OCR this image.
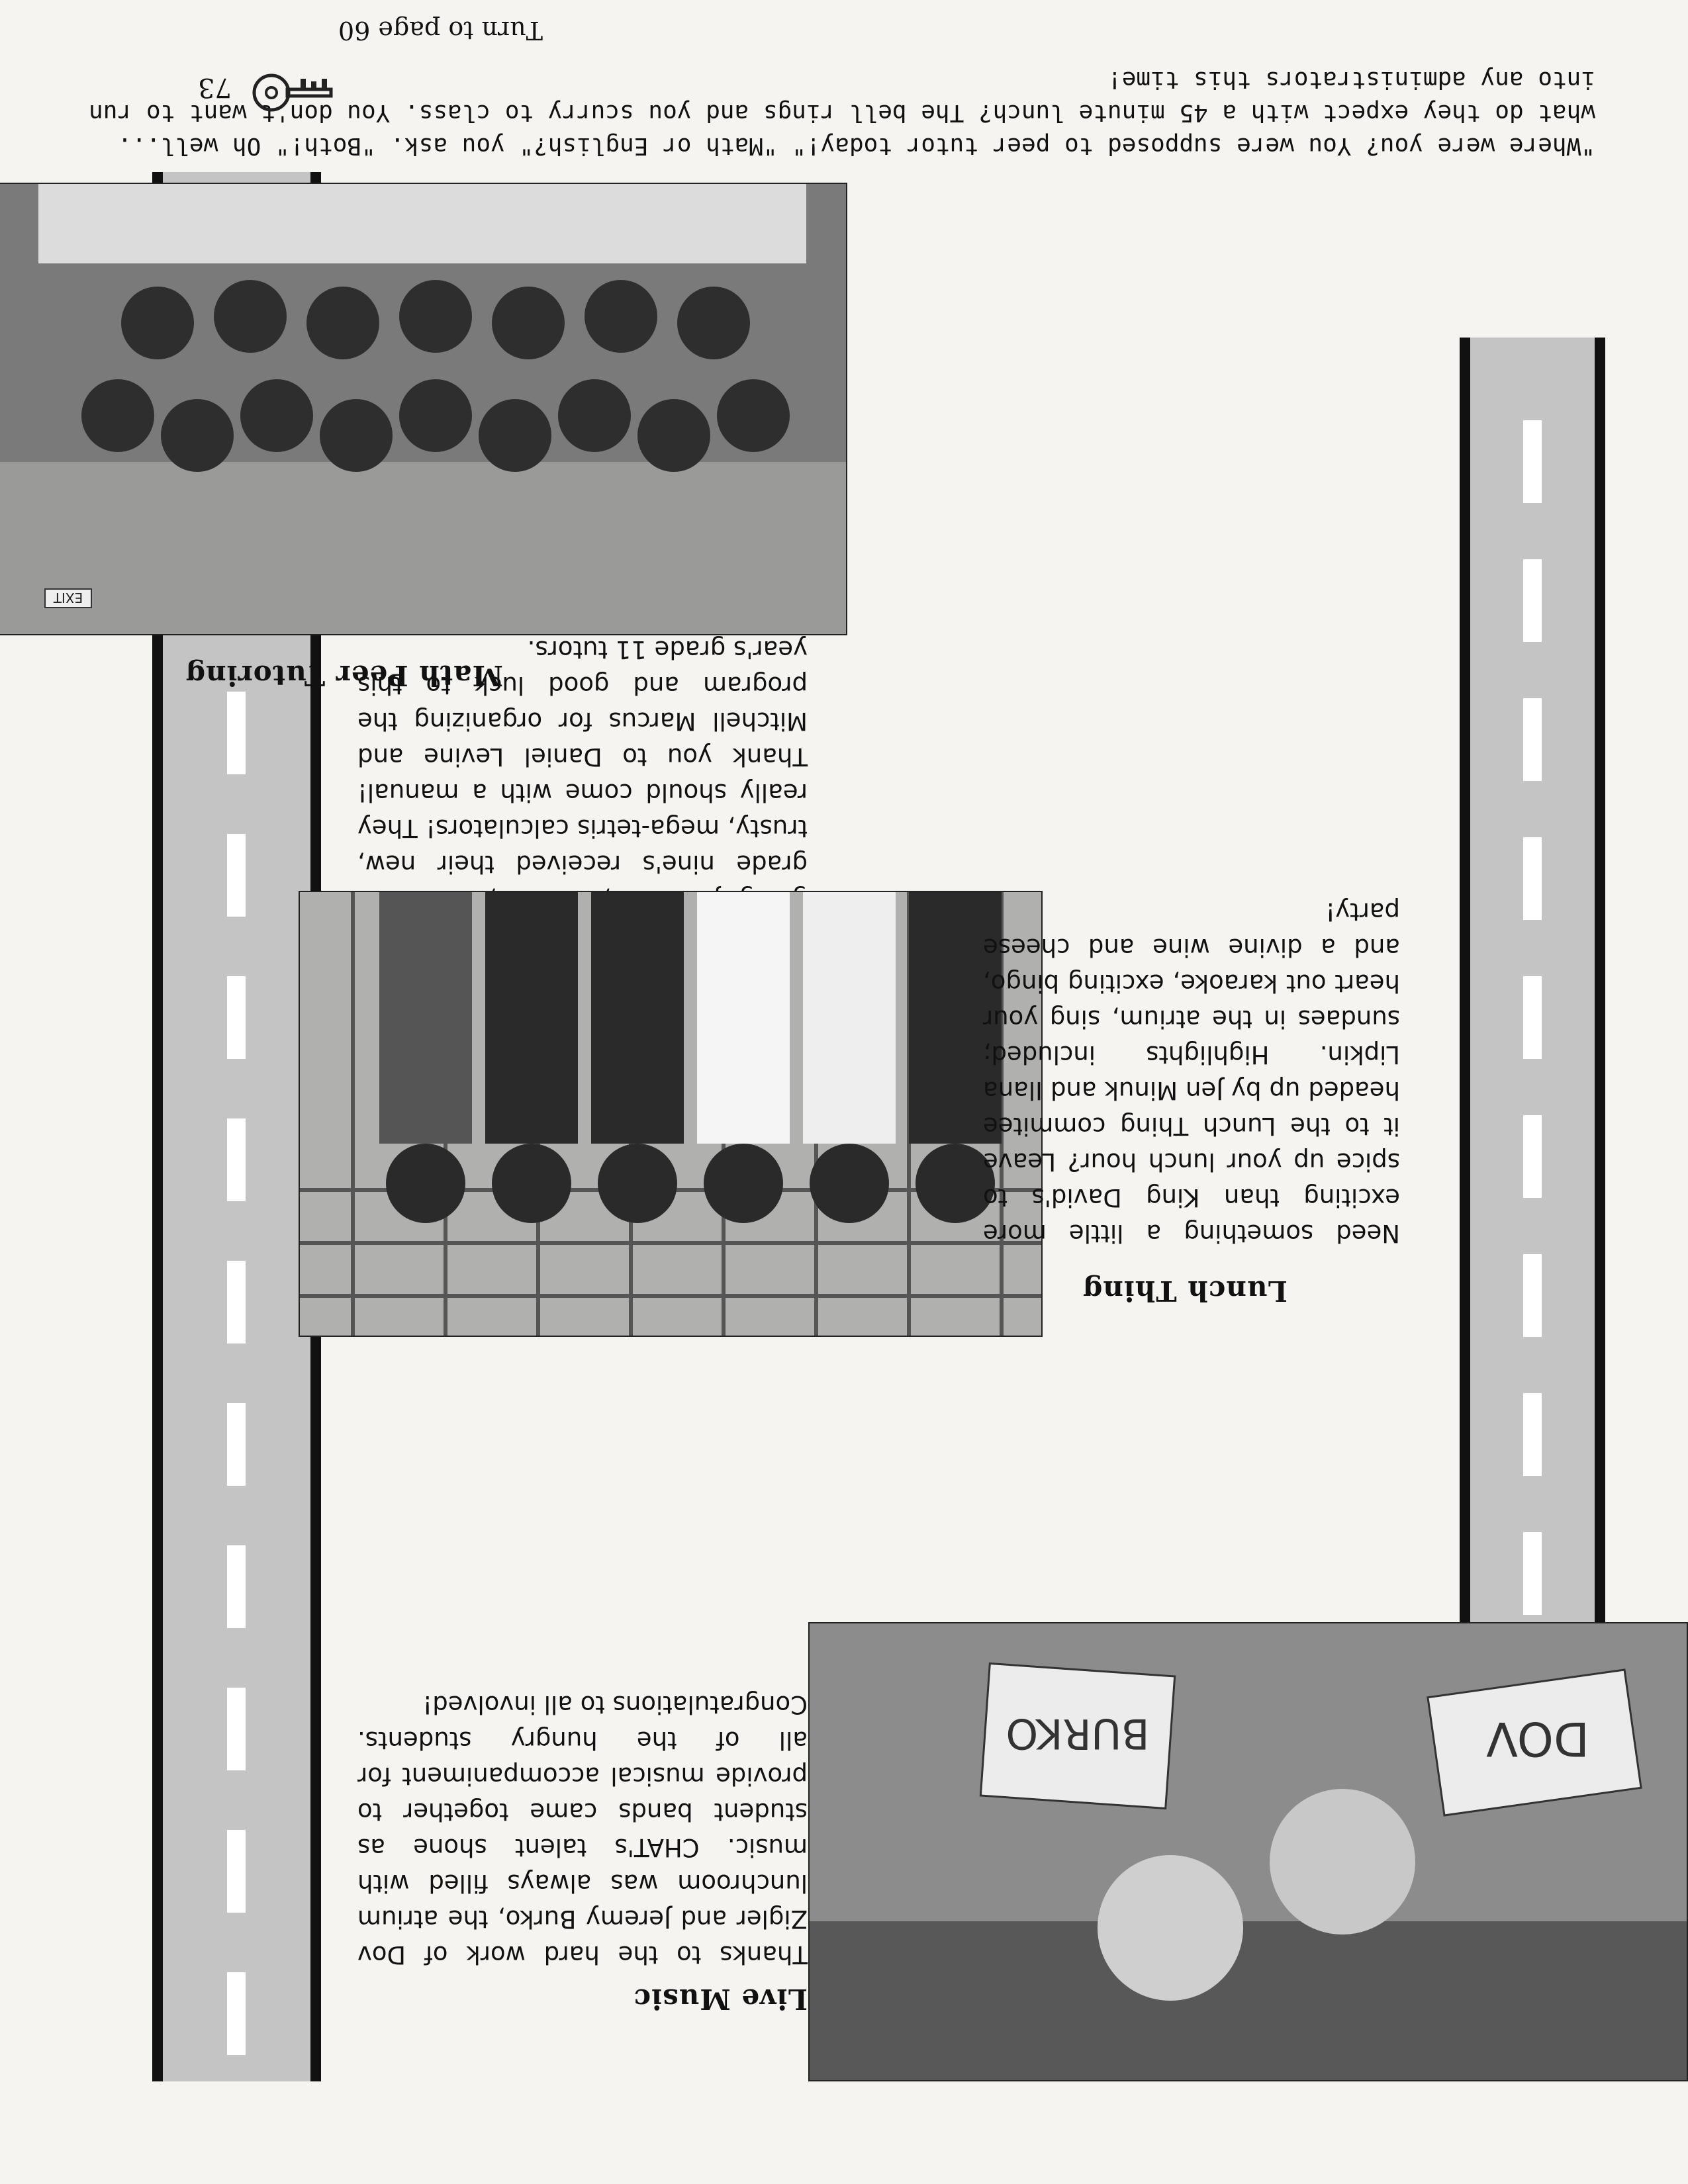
"Where were you? You were supposed to peer tutor today!" "Math or English?" you ask. "Both!" Oh well... what do they expect with a 45 minute lunch? The bell rings and you scurry to class. You don't want to run into any administrators this time!
73
Turn to page 60
EXIT
Math Peer Tutoring
grade nine's received their new, trusty, mega-tetris calculators! They really should come with a manual! Thank you to Daniel Levine and Mitchell Marcus for organizing the program and good luck to this year's grade 11 tutors.
Lunch Thing
Need something a little more exciting than King David's to spice up your lunch hour? Leave it to the Lunch Thing commitee headed up by Jen Minuk and Ilana Lipkin. Highlights included; sundaes in the atrium, sing your heart out karaoke, exciting bingo, and a divine wine and cheese party!
DOV
BURKO
Live Music
Thanks to the hard work of Dov Zigler and Jeremy Burko, the atrium lunchroom was always filled with music. CHAT's talent shone as student bands came together to provide musical accompaniment for all of the hungry students. Congratulations to all involved!
